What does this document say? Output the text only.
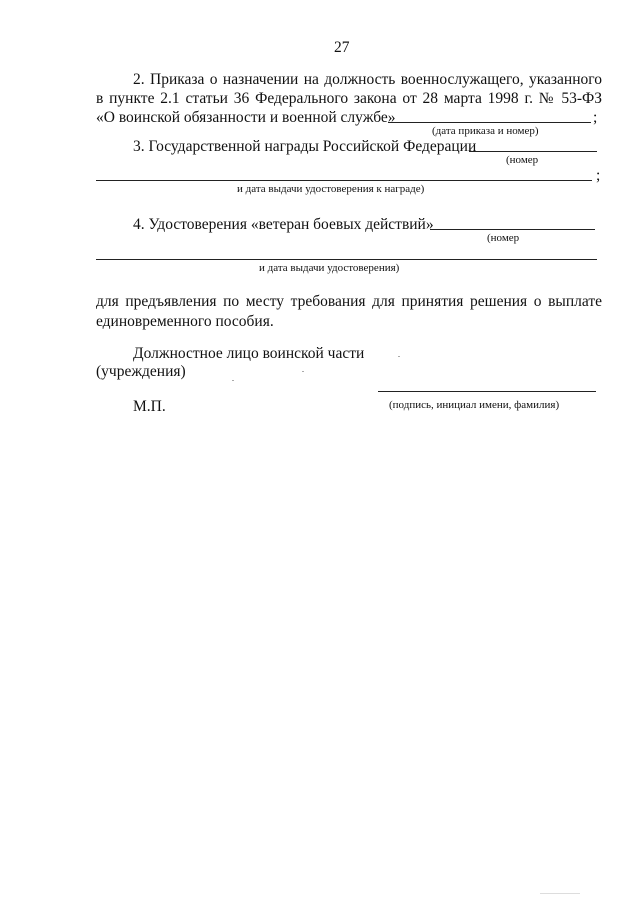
27
2. Приказа о назначении на должность военнослужащего, указанного
в пункте 2.1 статьи 36 Федерального закона от 28 марта 1998 г. № 53-ФЗ
«О воинской обязанности и военной службе»	;
(дата приказа и номер)
3. Государственной награды Российской Федерации
(номер
;
и дата выдачи удостоверения к награде)
4. Удостоверения «ветеран боевых действий»
(номер
и дата выдачи удостоверения)
для предъявления по месту требования для принятия решения о выплате
единовременного пособия.
Должностное лицо воинской части
(учреждения)
(подпись, инициал имени, фамилия)
М.П.
